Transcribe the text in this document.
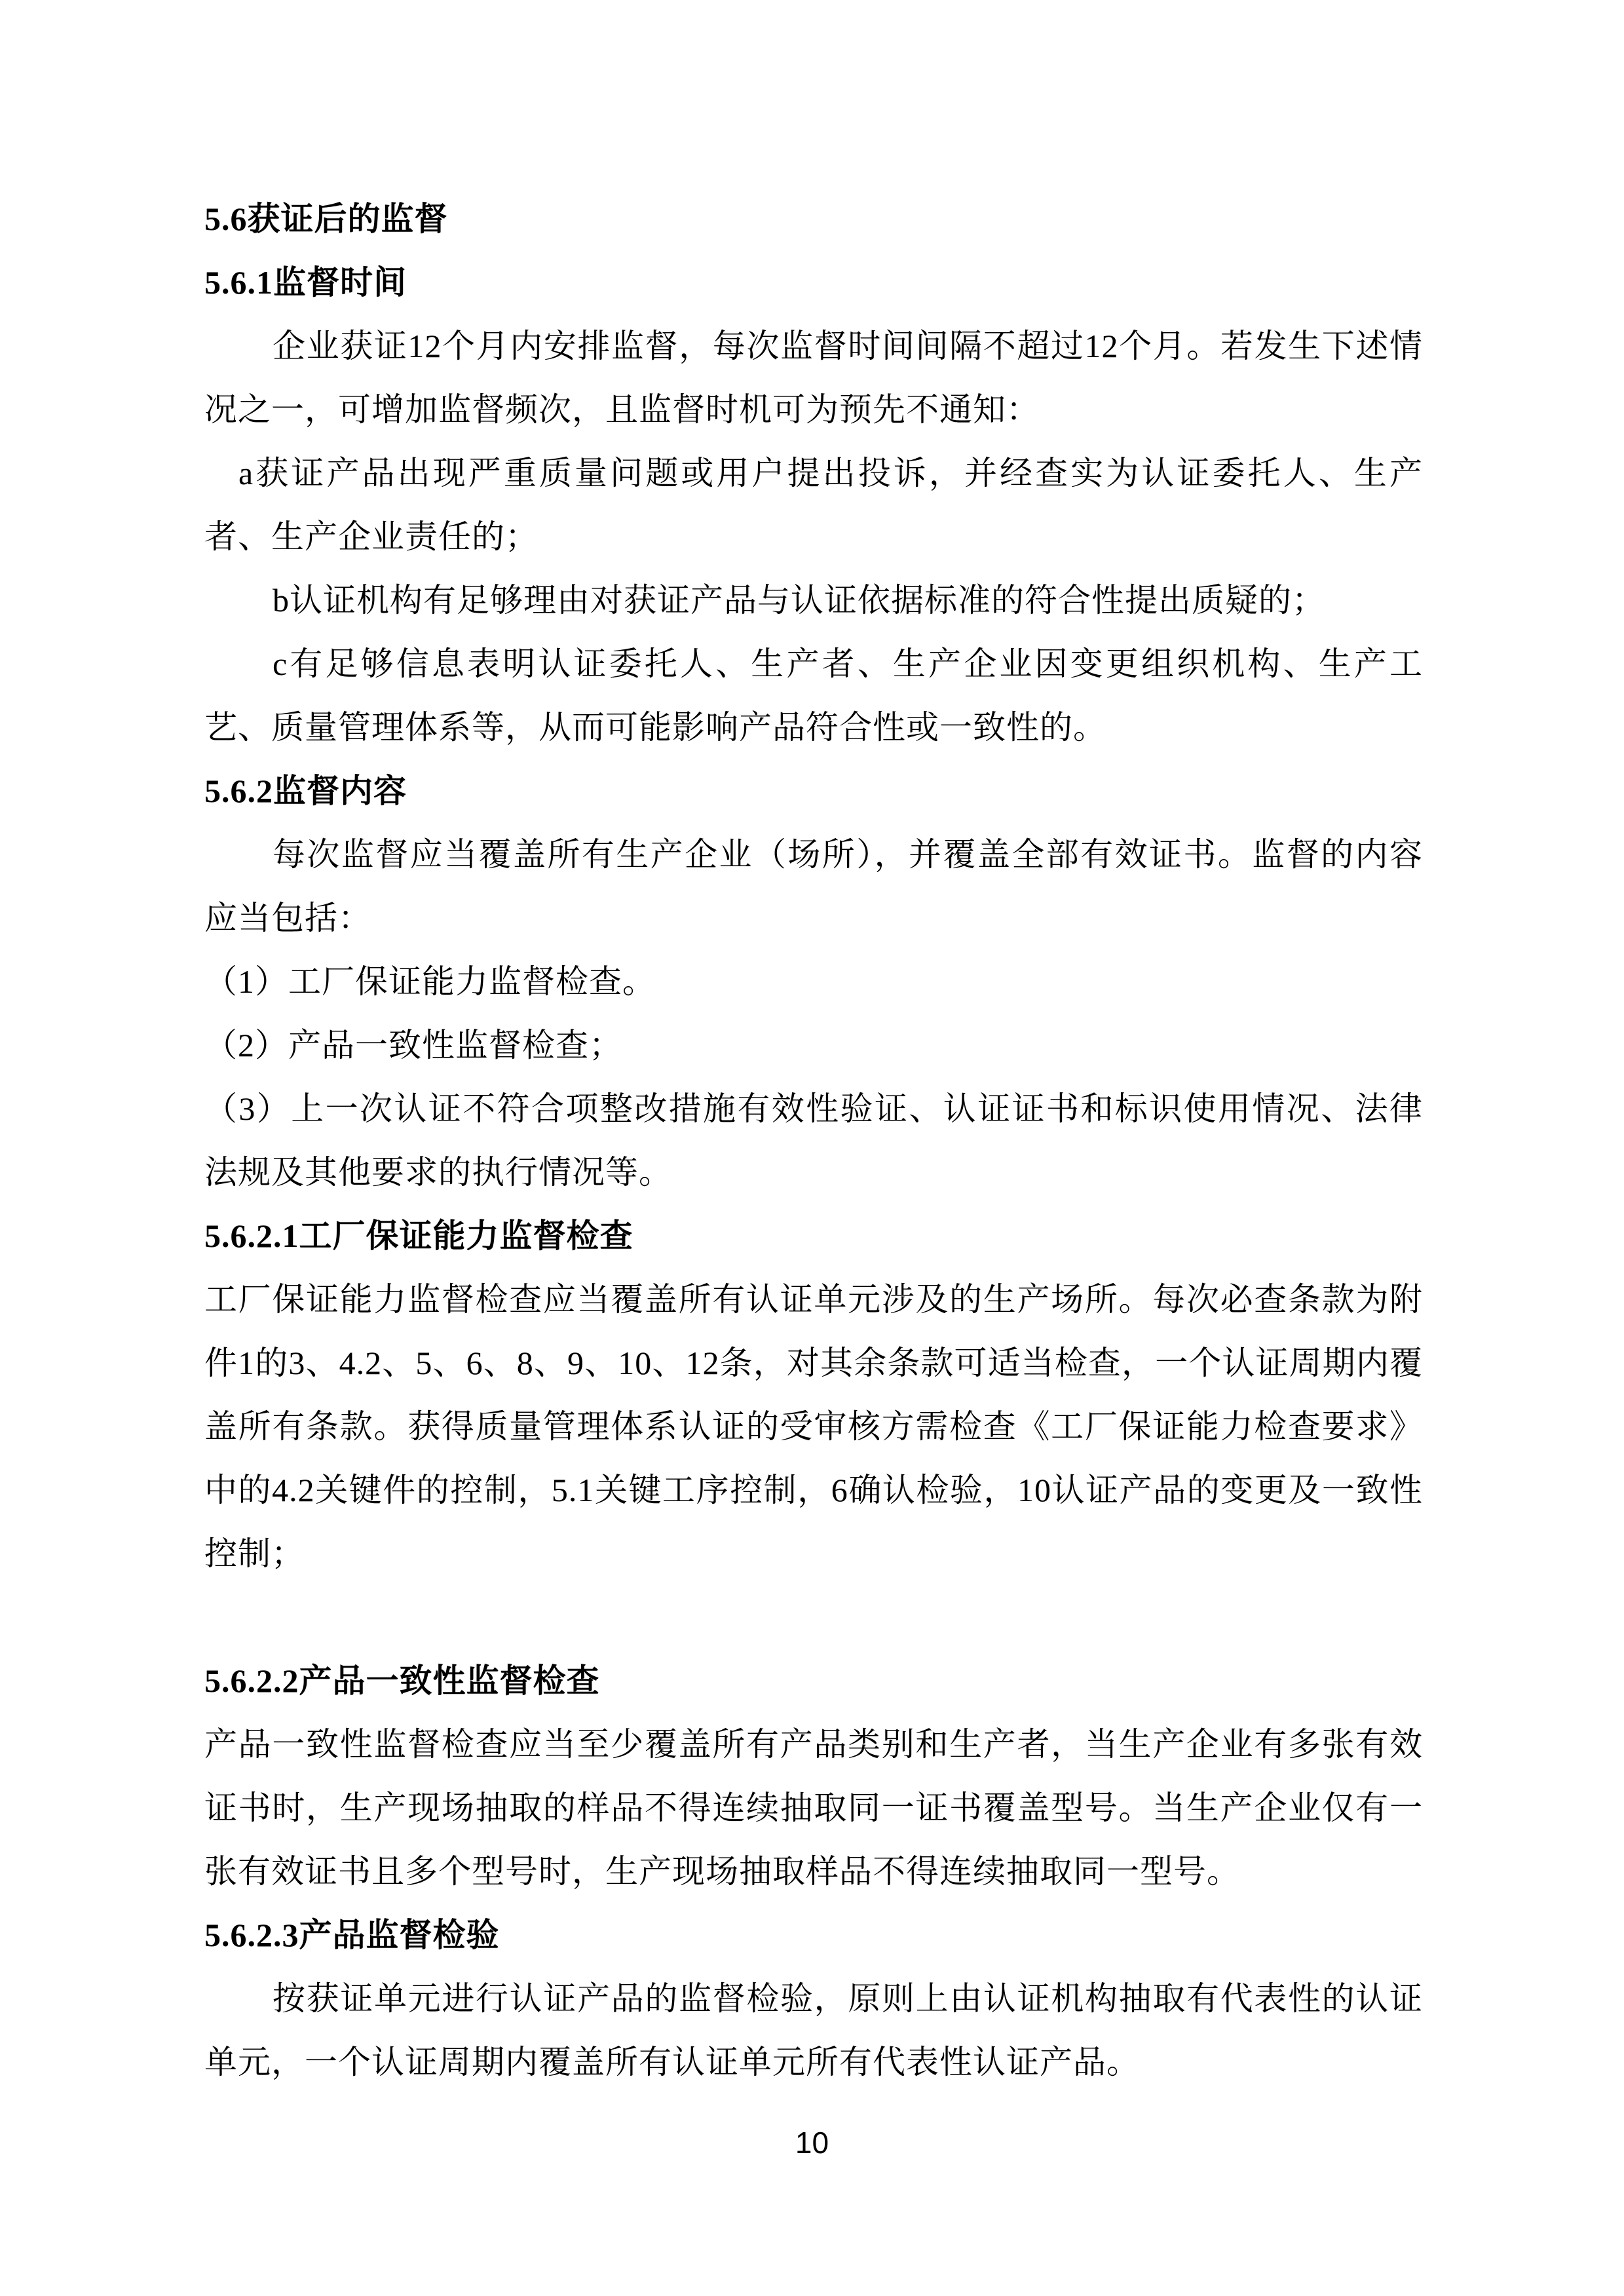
5.6获证后的监督
5.6.1监督时间
企业获证12个月内安排监督，每次监督时间间隔不超过12个月。若发生下述情况之一，可增加监督频次，且监督时机可为预先不通知：
a获证产品出现严重质量问题或用户提出投诉，并经查实为认证委托人、生产者、生产企业责任的；
b认证机构有足够理由对获证产品与认证依据标准的符合性提出质疑的；
c有足够信息表明认证委托人、生产者、生产企业因变更组织机构、生产工艺、质量管理体系等，从而可能影响产品符合性或一致性的。
5.6.2监督内容
每次监督应当覆盖所有生产企业（场所），并覆盖全部有效证书。监督的内容应当包括：
（1）工厂保证能力监督检查。
（2）产品一致性监督检查；
（3）上一次认证不符合项整改措施有效性验证、认证证书和标识使用情况、法律法规及其他要求的执行情况等。
5.6.2.1工厂保证能力监督检查
工厂保证能力监督检查应当覆盖所有认证单元涉及的生产场所。每次必查条款为附件1的3、4.2、5、6、8、9、10、12条，对其余条款可适当检查，一个认证周期内覆盖所有条款。获得质量管理体系认证的受审核方需检查《工厂保证能力检查要求》中的4.2关键件的控制，5.1关键工序控制，6确认检验，10认证产品的变更及一致性控制；
5.6.2.2产品一致性监督检查
产品一致性监督检查应当至少覆盖所有产品类别和生产者，当生产企业有多张有效证书时，生产现场抽取的样品不得连续抽取同一证书覆盖型号。当生产企业仅有一张有效证书且多个型号时，生产现场抽取样品不得连续抽取同一型号。
5.6.2.3产品监督检验
按获证单元进行认证产品的监督检验，原则上由认证机构抽取有代表性的认证单元，一个认证周期内覆盖所有认证单元所有代表性认证产品。
10
